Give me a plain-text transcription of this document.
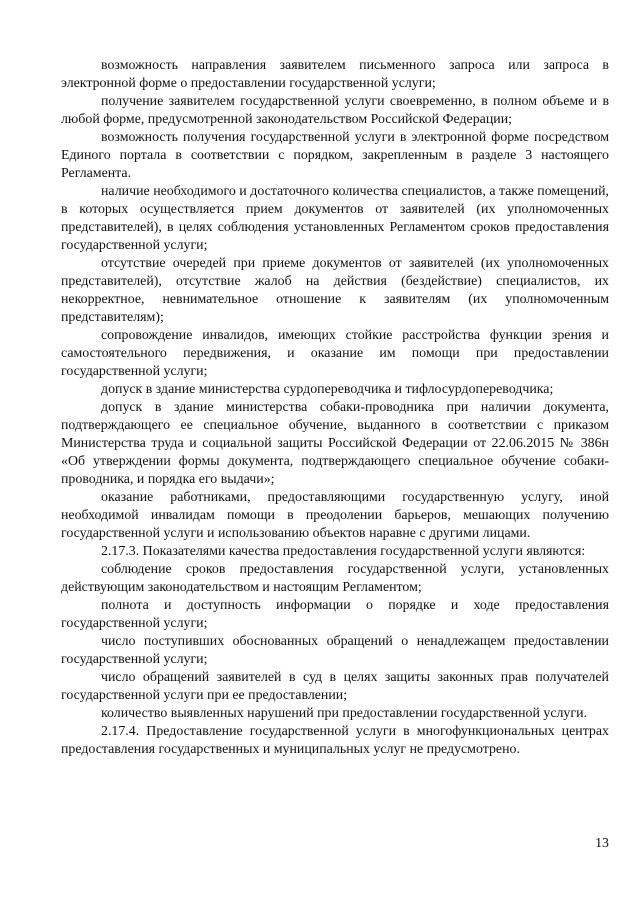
возможность направления заявителем письменного запроса или запроса в электронной форме о предоставлении государственной услуги;

получение заявителем государственной услуги своевременно, в полном объеме и в любой форме, предусмотренной законодательством Российской Федерации;

возможность получения государственной услуги в электронной форме посредством Единого портала в соответствии с порядком, закрепленным в разделе 3 настоящего Регламента.

наличие необходимого и достаточного количества специалистов, а также помещений, в которых осуществляется прием документов от заявителей (их уполномоченных представителей), в целях соблюдения установленных Регламентом сроков предоставления государственной услуги;

отсутствие очередей при приеме документов от заявителей (их уполномоченных представителей), отсутствие жалоб на действия (бездействие) специалистов, их некорректное, невнимательное отношение к заявителям (их уполномоченным представителям);

сопровождение инвалидов, имеющих стойкие расстройства функции зрения и самостоятельного передвижения, и оказание им помощи при предоставлении государственной услуги;

допуск в здание министерства сурдопереводчика и тифлосурдопереводчика;

допуск в здание министерства собаки-проводника при наличии документа, подтверждающего ее специальное обучение, выданного в соответствии с приказом Министерства труда и социальной защиты Российской Федерации от 22.06.2015 № 386н «Об утверждении формы документа, подтверждающего специальное обучение собаки-проводника, и порядка его выдачи»;

оказание работниками, предоставляющими государственную услугу, иной необходимой инвалидам помощи в преодолении барьеров, мешающих получению государственной услуги и использованию объектов наравне с другими лицами.

2.17.3. Показателями качества предоставления государственной услуги являются:

соблюдение сроков предоставления государственной услуги, установленных действующим законодательством и настоящим Регламентом;

полнота и доступность информации о порядке и ходе предоставления государственной услуги;

число поступивших обоснованных обращений о ненадлежащем предоставлении государственной услуги;

число обращений заявителей в суд в целях защиты законных прав получателей государственной услуги при ее предоставлении;

количество выявленных нарушений при предоставлении государственной услуги.

2.17.4. Предоставление государственной услуги в многофункциональных центрах предоставления государственных и муниципальных услуг не предусмотрено.

13
